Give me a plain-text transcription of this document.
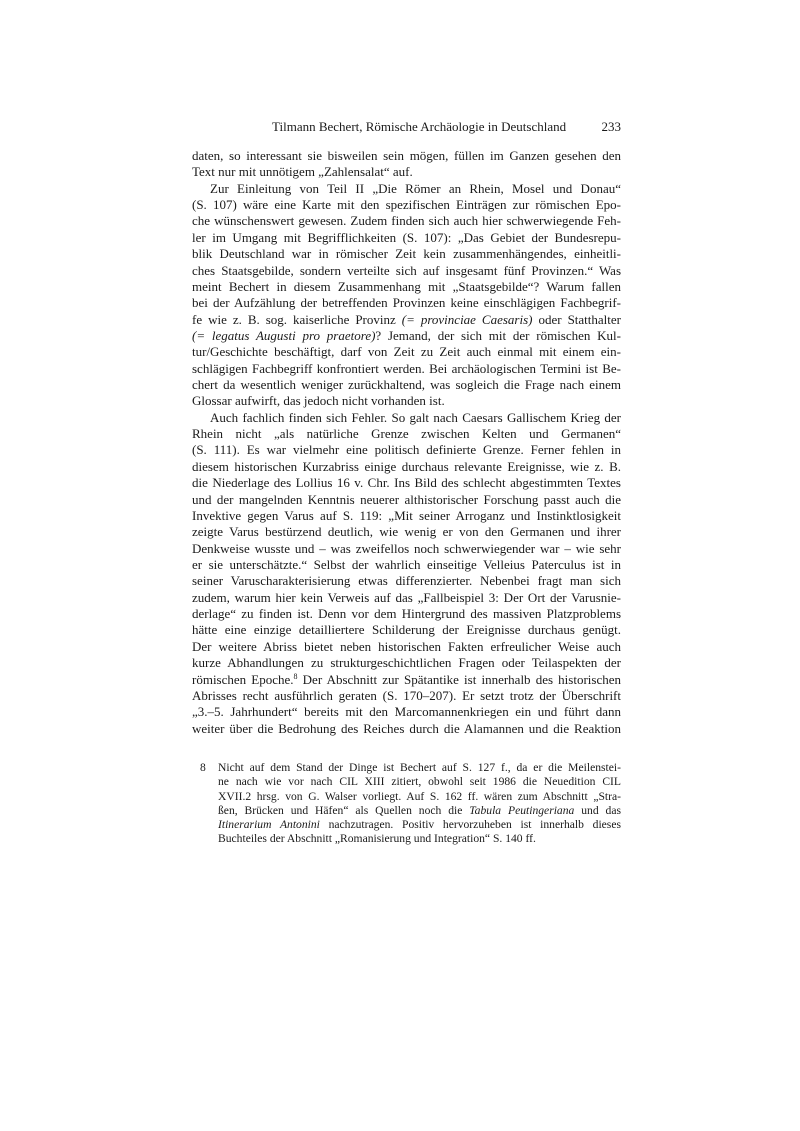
Tilmann Bechert, Römische Archäologie in Deutschland	233
daten, so interessant sie bisweilen sein mögen, füllen im Ganzen gesehen den
Text nur mit unnötigem „Zahlensalat“ auf.
Zur Einleitung von Teil II „Die Römer an Rhein, Mosel und Donau“
(S. 107) wäre eine Karte mit den spezifischen Einträgen zur römischen Epo-
che wünschenswert gewesen. Zudem finden sich auch hier schwerwiegende Feh-
ler im Umgang mit Begrifflichkeiten (S. 107): „Das Gebiet der Bundesrepu-
blik Deutschland war in römischer Zeit kein zusammenhängendes, einheitli-
ches Staatsgebilde, sondern verteilte sich auf insgesamt fünf Provinzen.“ Was
meint Bechert in diesem Zusammenhang mit „Staatsgebilde“? Warum fallen
bei der Aufzählung der betreffenden Provinzen keine einschlägigen Fachbegrif-
fe wie z. B. sog. kaiserliche Provinz (= provinciae Caesaris) oder Statthalter
(= legatus Augusti pro praetore)? Jemand, der sich mit der römischen Kul-
tur/Geschichte beschäftigt, darf von Zeit zu Zeit auch einmal mit einem ein-
schlägigen Fachbegriff konfrontiert werden. Bei archäologischen Termini ist Be-
chert da wesentlich weniger zurückhaltend, was sogleich die Frage nach einem
Glossar aufwirft, das jedoch nicht vorhanden ist.
Auch fachlich finden sich Fehler. So galt nach Caesars Gallischem Krieg der
Rhein nicht „als natürliche Grenze zwischen Kelten und Germanen“
(S. 111). Es war vielmehr eine politisch definierte Grenze. Ferner fehlen in
diesem historischen Kurzabriss einige durchaus relevante Ereignisse, wie z. B.
die Niederlage des Lollius 16 v. Chr. Ins Bild des schlecht abgestimmten Textes
und der mangelnden Kenntnis neuerer althistorischer Forschung passt auch die
Invektive gegen Varus auf S. 119: „Mit seiner Arroganz und Instinktlosigkeit
zeigte Varus bestürzend deutlich, wie wenig er von den Germanen und ihrer
Denkweise wusste und – was zweifellos noch schwerwiegender war – wie sehr
er sie unterschätzte.“ Selbst der wahrlich einseitige Velleius Paterculus ist in
seiner Varuscharakterisierung etwas differenzierter. Nebenbei fragt man sich
zudem, warum hier kein Verweis auf das „Fallbeispiel 3: Der Ort der Varusnie-
derlage“ zu finden ist. Denn vor dem Hintergrund des massiven Platzproblems
hätte eine einzige detailliertere Schilderung der Ereignisse durchaus genügt.
Der weitere Abriss bietet neben historischen Fakten erfreulicher Weise auch
kurze Abhandlungen zu strukturgeschichtlichen Fragen oder Teilaspekten der
römischen Epoche.$^8$ Der Abschnitt zur Spätantike ist innerhalb des historischen
Abrisses recht ausführlich geraten (S. 170–207). Er setzt trotz der Überschrift
„3.–5. Jahrhundert“ bereits mit den Marcomannenkriegen ein und führt dann
weiter über die Bedrohung des Reiches durch die Alamannen und die Reaktion
8 Nicht auf dem Stand der Dinge ist Bechert auf S. 127 f., da er die Meilenstei-
ne nach wie vor nach CIL XIII zitiert, obwohl seit 1986 die Neuedition CIL
XVII.2 hrsg. von G. Walser vorliegt. Auf S. 162 ff. wären zum Abschnitt „Stra-
ßen, Brücken und Häfen“ als Quellen noch die Tabula Peutingeriana und das
Itinerarium Antonini nachzutragen. Positiv hervorzuheben ist innerhalb dieses
Buchteiles der Abschnitt „Romanisierung und Integration“ S. 140 ff.
